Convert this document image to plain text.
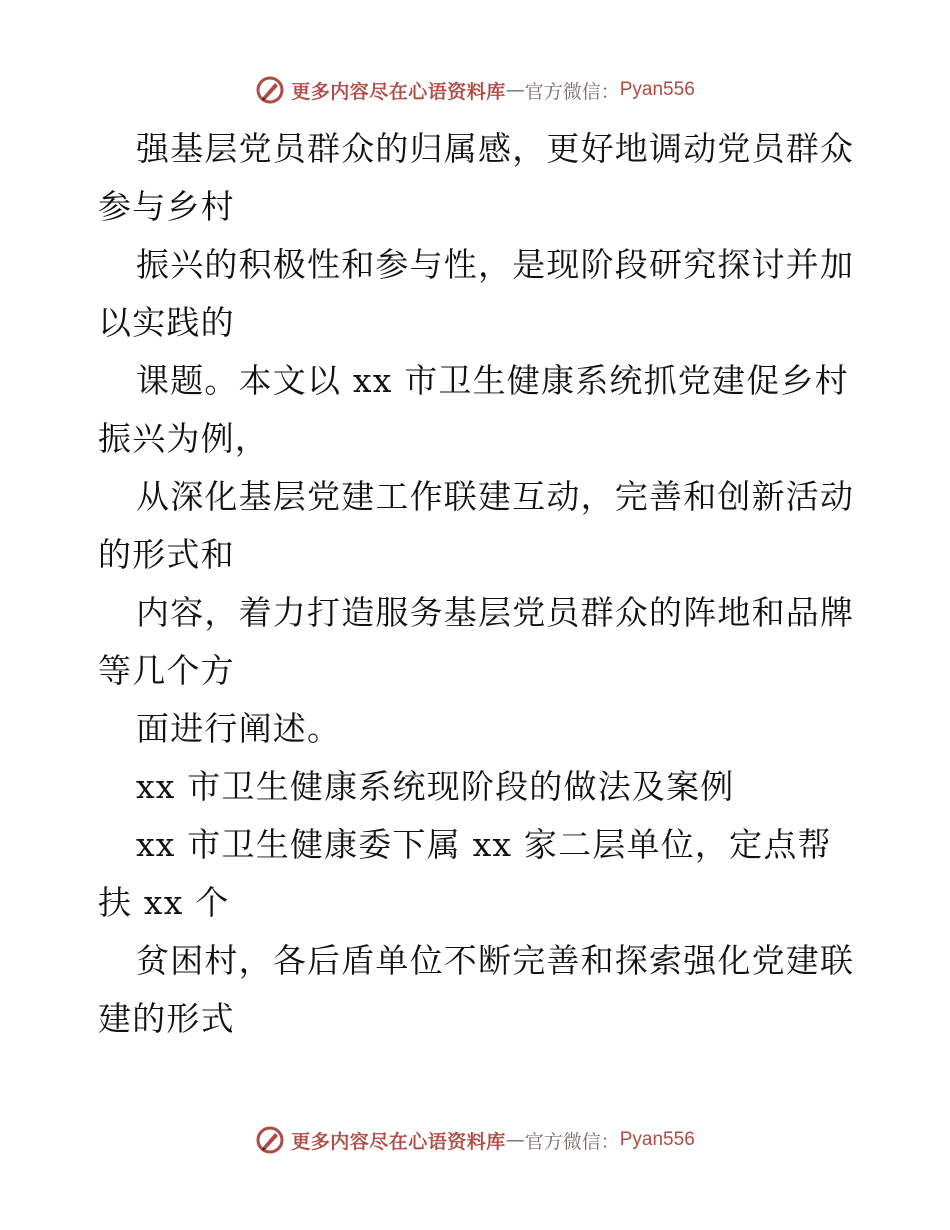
更多内容尽在心语资料库 — 官方微信： Pyan556

强基层党员群众的归属感，更好地调动党员群众
参与乡村

振兴的积极性和参与性，是现阶段研究探讨并加
以实践的

课题。本文以 xx 市卫生健康系统抓党建促乡村
振兴为例，

从深化基层党建工作联建互动，完善和创新活动
的形式和

内容，着力打造服务基层党员群众的阵地和品牌
等几个方

面进行阐述。

xx 市卫生健康系统现阶段的做法及案例

xx 市卫生健康委下属 xx 家二层单位，定点帮
扶 xx 个

贫困村，各后盾单位不断完善和探索强化党建联
建的形式

更多内容尽在心语资料库 — 官方微信： Pyan556
